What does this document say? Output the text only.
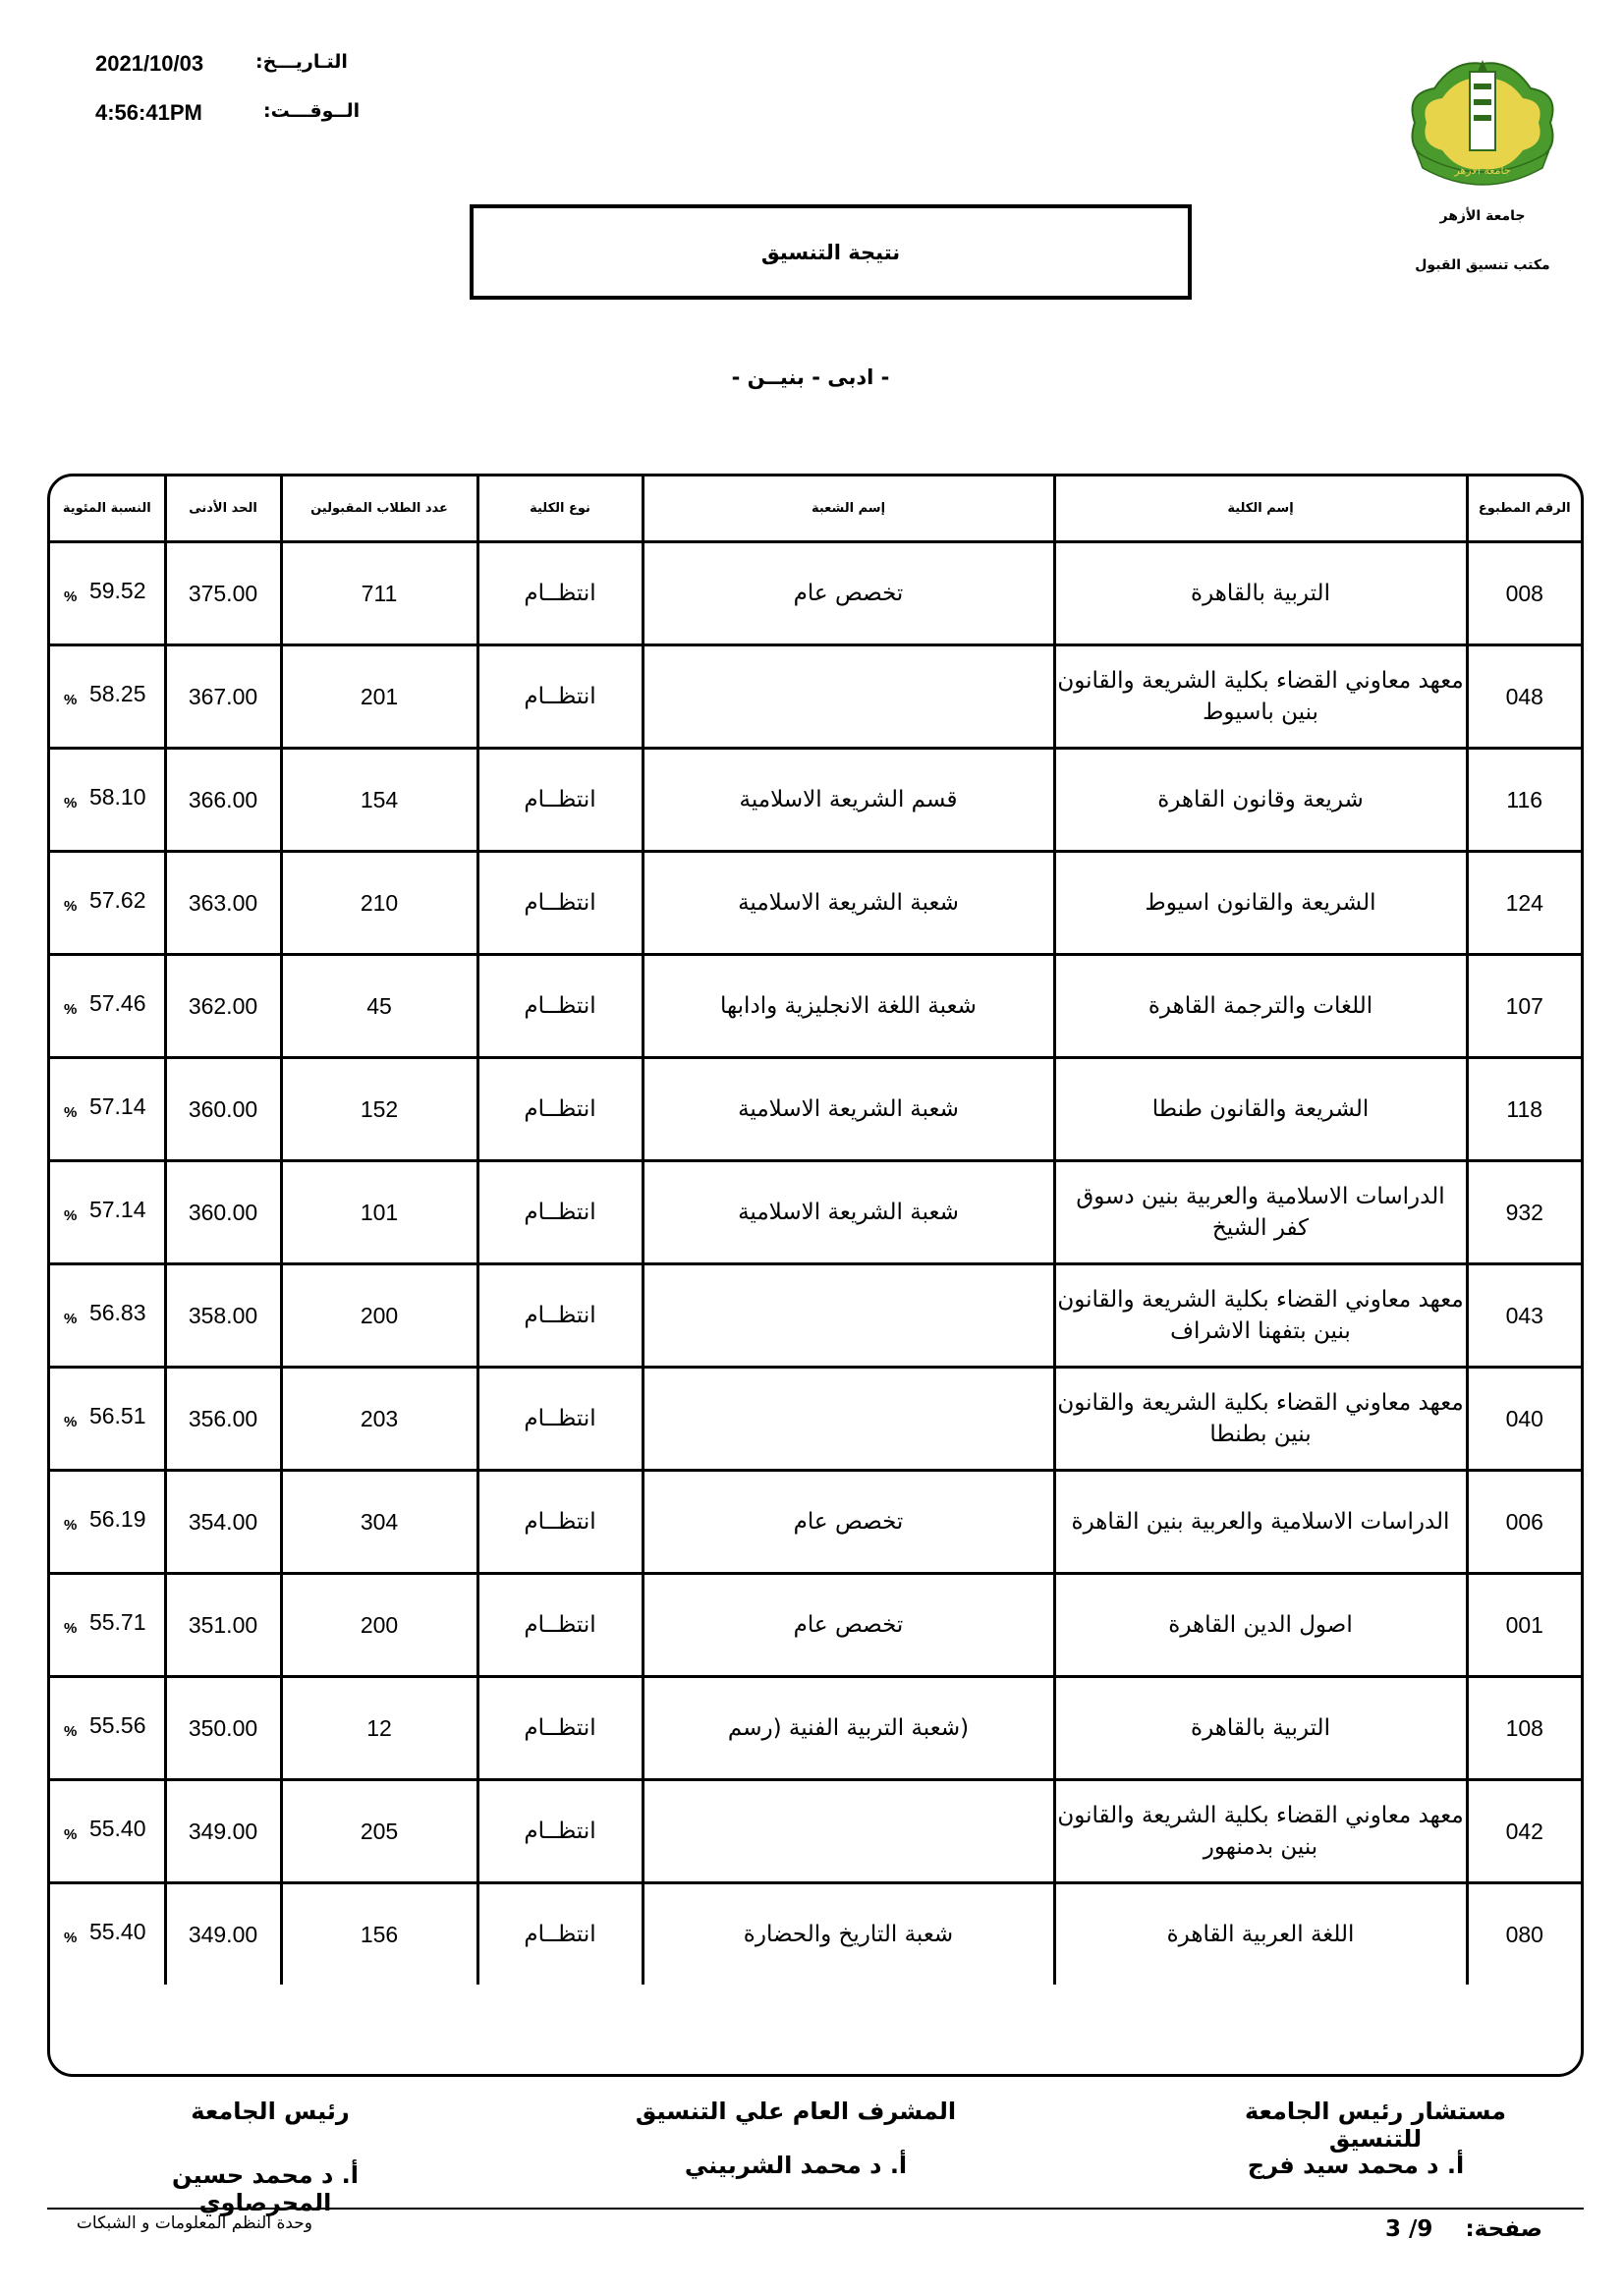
2021/10/03	التـاريـــخ:
4:56:41PM	الــوقـــت:
جامعة الأزهر
جامعة الأزهر
مكتب تنسيق القبول
نتيجة التنسيق
- ادبى - بنيــن -
الرقم المطبوع	إسم الكلية	إسم الشعبة	نوع الكلية	عدد الطلاب المقبولين	الحد الأدنى	النسبة المئوية
008	التربية بالقاهرة	تخصص عام	انتظــام	711	375.00	59.52
%

048	معهد معاوني القضاء بكلية الشريعة والقانون بنين باسيوط		انتظــام	201	367.00	58.25
%

116	شريعة وقانون القاهرة	قسم الشريعة الاسلامية	انتظــام	154	366.00	58.10
%

124	الشريعة والقانون اسيوط	شعبة الشريعة الاسلامية	انتظــام	210	363.00	57.62
%

107	اللغات والترجمة القاهرة	شعبة اللغة الانجليزية وادابها	انتظــام	45	362.00	57.46
%

118	الشريعة والقانون طنطا	شعبة الشريعة الاسلامية	انتظــام	152	360.00	57.14
%

932	الدراسات الاسلامية والعربية بنين دسوق كفر الشيخ	شعبة الشريعة الاسلامية	انتظــام	101	360.00	57.14
%

043	معهد معاوني القضاء بكلية الشريعة والقانون بنين بتفهنا الاشراف		انتظــام	200	358.00	56.83
%

040	معهد معاوني القضاء بكلية الشريعة والقانون بنين بطنطا		انتظــام	203	356.00	56.51
%

006	الدراسات الاسلامية والعربية بنين القاهرة	تخصص عام	انتظــام	304	354.00	56.19
%

001	اصول الدين القاهرة	تخصص عام	انتظــام	200	351.00	55.71
%

108	التربية بالقاهرة	(شعبة التربية الفنية (رسم	انتظــام	12	350.00	55.56
%

042	معهد معاوني القضاء بكلية الشريعة والقانون بنين بدمنهور		انتظــام	205	349.00	55.40
%

080	اللغة العربية القاهرة	شعبة التاريخ والحضارة	انتظــام	156	349.00	55.40
%
مستشار رئيس الجامعة للتنسيق
أ. د محمد سيد فرج
المشرف العام علي التنسيق
أ. د محمد الشربيني
رئيس الجامعة
أ. د محمد حسين المحرصاوي
وحدة النظم المعلومات و الشبكات	3 /9	صفحة:
